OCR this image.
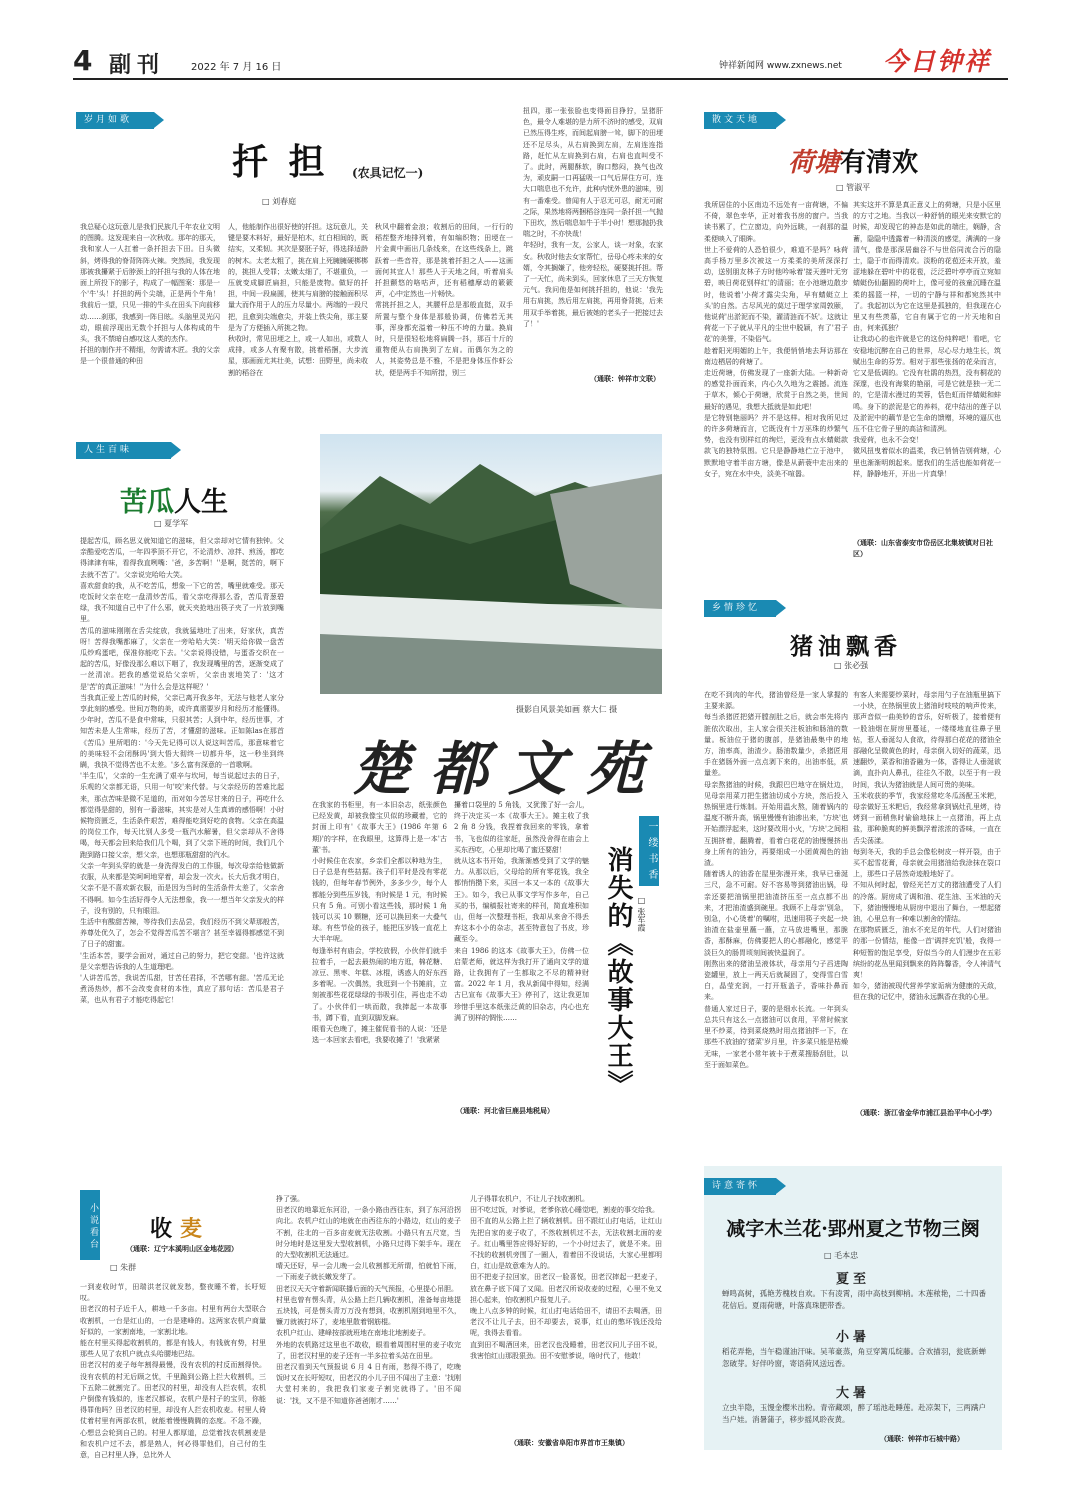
4 副刊	2022 年 7 月 16 日	钟祥新闻网 www.zxnews.net 今日钟祥
岁月如歌
扦 担 (农具记忆一)
□ 刘春庭
我总疑心这玩意儿是我们民族几千年农业文明的图腾。这发现来自一次秋收。那年的那天，我和家人一人扛着一条扦担去下田。日头微斜，烤得我的脊背阵阵火辣。突然间，我发现那被我攥紧于后脖颈上的扦担与我的人体在地面上所投下的影子，构成了一幅图案：那是一个'牛'头！扦担的两个尖端，正是两个牛角！我前后一望，只见一排的牛头在田头下向前移动……刹那，我感到一阵目眩。头脑里灵光闪动，眼前浮现出无数个扦担与人体构成的牛头，我不禁暗自感叹这人类的杰作。
扦担的制作并不精细，勿需请木匠。我的父亲是一个很普通的种田
人，他能制作出很好使的扦担。这玩意儿，关键是要木料好，最好是柏木，红白相间的，既结实，又柔韧。其次是要胚子好，得选择适龄的树木。太老太粗了，挑在肩上死臃臃硬梆梆的，挑担人受罪；太嫩太细了，不堪重负，一压就变成脚匠扁担，只能是废物。做好的扦担，中间一段扁圆，使其与肩膀的接触面积尽量大而作用于人的压力尽量小。两端的一段尺把，且愈到尖端愈尖，并装上铁尖角，那主要是为了方便插入所挑之物。
秋收时，常见田埂之上，或一人如出，或数人成排，或多人有聚有散，挑着稻捆，大步流星，那画面尤其壮美，试想：田野里，尚未收割的稻谷在
秋风中翻着金浪；收割后的田间，一行行的稻茬整齐地排列着，有如编织物；田埂在一片金黄中画出几条线来，在这些线条上，跳跃着一些音符，那是挑着扦担之人——这画面何其宜人！那些人于天地之间，听着肩头扦担颤悠的咯咕声，还有稻穗摩动的簌簌声，心中定然也一片畅快。
常挑扦担之人，其腰杆总是那般直挺，双手所置与整个身体是那般协调，仿佛若无其事，浑身都充溢着一种压不垮的力量。换肩时，只是很轻松地将扁腾一抖，那百十斤的重物便从右肩换到了左肩。而偶尔为之的人，其姿势总是不雅，不是把身体压作虾公状，便是两手不知所措，别三
扭四，那一张张脸也变得面目狰狞，呈猪肝色，最令人难堪的是力所不济时的感受，双肩已然压得生疼，而间起肩膀一耸，脚下的田埂还不足尽头，从右肩换到左肩，左肩连连指路，赶忙从左肩换到右肩，右肩也直叫受不了。此时，两腿酥软，胸口憋闷，换气也改为，顽皮嗣一口再猛吸一口气后屏住方可，连大口喘息也不允许，此种内忧外患的滋味，别有一番难受。曾闻有人于忍无可忍，耐无可耐之际，果然地将两捆稻谷连同一条扦担一气抛下田坎，然后喘息如牛于半小时！想那抛扔我喘之时，不亦快哉！
年轻时，我有一友，公家人，谈一对象，农家女。秋收时他去女家帮忙，岳母心疼未来的女婿，令其搁嫌了，他旁轻松，硬要挑扦担。帮了一天忙，尚未到头，回家休息了三天方恢复元气。我问他是如何挑扦担的，他说：'我先用右肩挑，然后用左肩挑，再用脊背挑，后来用双手举着挑，最后被她的老头子一把接过去了！'
（通联：钟祥市文联）
人生百味
苦瓜人生
□ 夏学军
提起苦瓜，顾名思义就知道它的滋味，但父亲却对它情有独钟。父亲酷爱吃苦瓜，一年四季顶不开它，不论清炒、凉拌、煎汤，都吃得津津有味，看得我直咧嘴：'爸，多苦啊！''是啊，挺苦的，啊下去就不苦了'。父亲说完哈哈大笑。
喜欢甜食的我，从不吃苦瓜，想象一下它的苦，嘴里就难受。那天吃饭时父亲在吃一盘清炒苦瓜，看父亲吃得那么香，苦瓜青葱碧绿，我不知道自己中了什么邪，就天夹抢地出筷子夹了一片放到嘴里。
苦瓜的滋味刚刚在舌尖绽放，我就猛地吐了出来，好家伙，真苦呀！苦得我嘴都麻了，父亲在一旁哈哈大笑：'明天给你做一盘苦瓜炒鸡蛋吧，保准你能吃下去。'父亲说得没错，与蛋香交织在一起的苦瓜，好像没那么难以下咽了，我发现嘴里的苦，逐渐变成了一丝清凉。把我的感觉说给父亲听，父亲由衷地笑了：'这才是'苦'的真正滋味！''为什么会是这样呢？'
当我真正爱上苦瓜的时候，父亲已离开我多年，无法与他老人家分享此刻的感受。世间万物的美，或许真需要岁月和经历才能懂得。少年时，苦瓜不是食中常味，只很其苦；人到中年，经历世事，才知苦未是人生常味，经历了苦，才懂甜的滋味。正如陈las在那首《苦瓜》里所唱的：'今天先记得可以人说这叫苦瓜，那意味着它的美味轻不会闭酥吗'到大悟大彻终一切都升华，这一秒坐到终瞒，我执不觉得苦也不太差。'多么富有深意的一首歌啊。
'半生瓜'，父亲的一生充满了艰辛与坎坷，每当说起过去的日子，乐观的父亲都无语，只用一句'咬'来代替。与父亲经历的苦难比起来，那点苦味是微不足道的，而对如今苦尽甘来的日子，再吃什么都觉得是甜的，别有一番滋味，其实是对人生真谛的感悟啊！小时候物资匮乏，生活条件艰苦，难得能吃到好吃的食物。父亲在高温的岗位工作，每天比别人多受一瓶汽水解暑，但父亲却从不舍得喝，每天都会回来给我们几个喝，到了父亲下班的时间，我们几个跑到路口接父亲，想父亲，也想那瓶甜甜的汽水。
父亲一年到头穿的就是一身洗得发白的工作服，每次母亲给他做新衣服，从来都是笑呵呵地穿着，却会发一次火。长大后我才明白，父亲不是不喜欢新衣服，而是因为当时的生活条件太差了，父亲舍不得啊。如今生活好得令人无法想象，我一一想当年父亲发火的样子，没有别的，只有眼泪。
生活中有酸甜苦辣，等待我们去品尝，我们经历不到父辈那般苦，养尊处优久了，怎会不觉得苦瓜苦不堪言？甚至幸福得都感觉不到了日子的甜蜜。
'生活本苦，要学会面对，通过自己的努力，把它变甜。'也许这就是父亲想告诉我的人生道理吧。
'人讲苦瓜苦，我说苦瓜甜，甘苦任君择，不苦哪有甜。'苦瓜无论煮汤热炒，都不会改变食材的本性，真应了那句话：苦瓜是君子菜，也从有君子才能吃得起它！
（通联：辽宁本溪明山区金地花园）
摄影自风景美如画 蔡大仁 摄
楚都文苑
在我家的书柜里，有一本旧杂志，纸张颜色已经发黄，却被我像宝贝似的珍藏着，它的封面上印有'《故事大王》(1986 年第 6 期)'的字样，在我眼里，这算得上是一本'古董'书。
小时候住在农家，乡亲们全都以种地为生，日子总是有些拮据。孩子们平时是没有零花钱的，但每年春节例外，多多少少，每个人都能分到些压岁钱，有时候是 1 元，有时候只有 5 角。可别小看这些钱，那时候 1 角钱可以买 10 颗糖，还可以换回来一大叠气球。有些节俭的孩子，能把压岁钱一直花上大半年呢。
每逢举村有庙会，学校放假，小伙伴们就手拉着手，一起去最热闹的地方逛，棉花糖、凉豆、黑枣、年糕、冰棍，诱惑人的好东西多着呢。一次偶然，我逛到一个书摊前，立刻被那些花花绿绿的书吸引住，再也走不动了。小伙伴们一哄而散，我捧起一本故事书，蹲下看，直到双脚发麻。
眼看天色晚了，摊主催促看书的人说：'还是选一本回家去看吧，我要收摊了！'我紧紧
攥着口袋里的 5 角钱，又犹豫了好一会儿，终于决定买一本《故事大王》。摊主收了我 2 角 8 分钱，我捏着我回来的零钱，拿着书，飞也似的往家赶，虽然没舍得在庙会上买东西吃，心里却比喝了蜜还要甜！
就从这本书开始，我渐渐感受到了文学的魅力。从那以后，父母给的所有零花钱，我全都悄悄攒下来，买回一本又一本的《故事大王》。如今，我已从事文学写作多年，自己买的书，编稿报社寄来的样刊，简直堆积如山，但每一次整理书柜，我却从来舍不得丢弃这本小小的杂志，甚至特意包了书皮，珍藏至今。
来自 1986 的这本《故事大王》，仿佛一位启蒙老师，就这样为我打开了通向文学的道路，让我拥有了一生都取之不尽的精神财富。2022 年 1 月，我从新闻中得知，经满古巳宣布《故事大王》停刊了，这让我更加珍惜手里这本纸张泛黄的旧杂志，内心也充满了别样的惆怅……
（通联：河北省巨鹿县地税局）
一缕书香
消失的《故事大王》 □ 张军霞
散文天地
荷塘有清欢
□ 管淑平
我所居住的小区南边不远处有一亩荷塘，不偏不倚，翠色幸华，正对着我书房的窗户。当我读书累了，伫立窗边，向外远眺，一刹那的温柔便映入了眼眸。
世上不爱荷的人恐怕很少，难道不是吗？咏荷高手杨万里多次被这一方柔柔的美所深深打动，送别朋友林子方时他吟咏着'接天莲叶无穷碧，映日荷花别样红'的清丽；在小池塘边散步时，他说着'小荷才露尖尖角，早有蜻蜓立上头'的自然。古尽风光的莫过于理学家周敦颐，他说荷'出淤泥而不染，濯清涟而不妖'。这就让荷花一下子就从平凡的尘世中脱颖，有了'君子花'的美誉，不染俗气。
趁着阳光明媚的上午，我便悄悄地去拜访那在南边栖居的荷塘了。
走近荷塘，仿佛发现了一座新大陆。一种新奇的感觉扑面而来，内心久久地为之震撼。流连于草木，倾心于荷塘，欣赏于自然之美，世间最好的遇见，我想大抵就是如此吧！
是它特别艳丽吗？并不是这样。相对我所见过的许多荷塘而言，它既没有十万巫珠的炒繁气势，也没有别样红的绚烂，更没有点水蜻蜓款款飞的独特氛围。它只是静静地伫立于池中，默默地守着半亩方塘，像是从薪蓑中走出来的女子，宛在水中央，淡美不喧嚣。
其实这并不算是真正意义上的荷塘，只是小区里的方寸之地。当我以一种舒悄的眼光来安默它的时候，却发现它的神态是如此的端庄，娴静，含蓄，隐隐中透露着一种清淡的感觉，满满的一身清气，像是那深居幽谷不与世俗同流合污的隐士，隐于市而得清欢。淡粉的花苞还未开放，羞涩地躲在碧叶中的花苞，泛泛碧叶亭亭而立宛如蜻蜓伤仙翻圆的荷叶上，像可爱的孩童沉睡在温柔的摇篮一样，一切的宁静与祥和都宛然其中了。我起初以为它在这里是孤独的，但我现在心里又有些羡慕，它自有属于它的一片天地和自由，何来孤独？
让我动心的也许就是它的这份纯粹吧！看吧，它安稳地沉醉在自己的世界，尽心尽力地生长，筑赋出生命的芬芳。相对于那些张扬的花朵而言，它又是低调的。它没有杜鹃的热烈，没有桐花的深邃，也没有海棠的艳丽，可是它就是独一无二的，它是清水漫过的芙蓉，恬色虹而伴蜻蜓和蚌鸣。身下的淤泥是它的养料，花中结出的莲子以及淤泥中的藕节是它生命的馈赠，环境的逼仄也压不住它骨子里的高洁和清冽。
我爱荷，也永不会变！
微风扭曳着似水的温柔，我已悄悄告别荷塘，心里也渐渐明朗起来。愿我们的生活也能如荷花一样，静静地开，开出一片真挚！
（通联：山东省泰安市岱岳区北集坡镇对日社区）
乡情珍忆
猪油飘香
□ 张必强
在吃不到肉的年代，猪油曾经是一家人掌握的主要来源。
每当杀猪匠把猪开膛剖肚之后，就会率先将内脏依次取出，主人家会很关注板油和肠油的数量。板油位于猪的腹部，是猪油最集中的地方，油率高，油渣少。肠油数量少，杀猪匠用手在猪肠外面一点点剥下来的，出油率低，质量差。
母亲熬猪油的时候，我跟巴巴地守在锅灶边，见母亲用菜刀把生猪油切成小方块，然后投入热锅里进行炼制。开始用温火熬，随着锅内的温度不断升高，锅里慢慢有油渗出来，'方块'也开始漂浮起来，这时要改用小火，'方块'之间相互拥挤着，翻腾着，看着白花花的油慢慢挤出身上所有的油分，再要细成一小团黄褐色的油渣。
随着诱人的油香在屋里弥漫开来，我早已垂涎三尺，急不可耐。好不容易等到猪油出锅，母亲还要把油锅里把油渣挤压至一点点都不出来，才把油渣盛到碗里。我顾不上母亲'别急，别急，小心烫着'的嘱咐，迅速用筷子夹起一块油渣在盐壶里蘸一蘸，立马放进嘴里，那脆香，那酥麻，仿佛要把人的心都融化，感觉平淡巨久的肠胃顷刻间被快温润了。
刚熬出来的猪油呈液体状，母亲用勺子舀进陶瓷罐里，放上一两天后就凝固了，变得雪白雪白，晶莹充润，一打开瓶盖子，香味扑鼻而来。
普通人家过日子，要的是细水长流。一年到头总共只有这么一点猪油可以食用，平常时候家里不炒菜，待到菜烧熟时用点猪油拌一下，在那些不放油的'猪菜'岁月里，许多菜只能是枯燥无味，一家老小常年被卡于煮菜搜肠刮肚，以至于面如菜色。
有客人来需要炒菜时，母亲用勺子在油瓶里搞下一小块，在热锅里放上猪油时吱吱的响声传来，那声音似一曲美妙的音乐，好听极了，接着便有一股油烟在厨房里蔓延，一缕缕地直往鼻子里钻，惹人垂涎勾人食欲，待得那白花花的猪油全部融化呈微黄色的时，母亲倒入切好的蔬菜，迅速翻炒，菜香和油香融为一体，香得让人垂涎欲滴，直扑向人鼻孔，往往久不散，以至于有一段时间，我认为猪油就是人间可贵的美味。
玉米收获的季节，我家经常吃冬瓜汤配玉米粑，母亲做好玉米粑后，我经常拿到锅灶孔里烤，待烤到一面稍焦时偷偷地抹上一点猪油，再上点盐，那种脆爽的鲜美飘浮着浓浓的香味，一直在舌尖荡漾。
每到冬天，我的手总会像松树皮一样开裂，由于买不起雪花膏，母亲就会用猪油给我涂抹在裂口上，那些口子居然奇迹般地好了。
不知从何时起，曾经光芒万丈的猪油遭受了人们的冷落。厨房成了调和油、花生油、玉米油的天下，猪油慢慢地从厨房中退出了舞台，一想起猪油，心里总有一种难以割舍的情结。
在那物质匮乏，油水不充足的年代，人们对猪油的那一份情结，能像一首'调拌充饥'般，我得一种短暂的饱足享受，好似当今的人们漫步在五彩缤纷的花丛里闻到飘来的阵阵馨香，令人神清气爽！
如今，猪油被现代营养学家诟病为健康的天敌，但在我的记忆中，猪油永远飘香在我的心里。
（通联：浙江省金华市浦江县治平中心小学）
小说看台 收麦
□ 朱群
一到麦收时节，田瑞洪老汉就发愁，整夜睡不着，长吁短叹。
田老汉的村子近千人，耕地一千多亩。村里有两台大型联合收割机，一台是红山的，一台是建峰的。这两家农机户商量好似的，一家割南地，一家割北地。
能在村里买得起收割机的，都是有钱人，有钱就有势，村里那些人见了农机户就点头哈腰地巴结。
田老汉村的麦子每年割得最慢，没有农机的村反而割得快。没有农机的村无后顾之忧，千里跪到公路上拦大收割机，三下五除二就割完了。田老汉的村里，却没有人拦农机，农机户倒像有钱似的，连老汉都说，农机户是村子的宝贝，你能得罪他吗？田老汉的村里，却没有人拦农机收麦。村里人倚仗着村里有两部农机，就能着慢慢腾腾的态度。不急不躁，心想总会轮到自己的。村里人都厚道，总觉着找农机割麦是和农机户过不去，都是熟人，何必得罪他们，自己付的生意，自己村里人挣，总比外人
挣了强。
田老汉的地靠近东河沿，一条小路由西往东，到了东河沿拐向北。农机户红山的地就在由西往东的小路边，红山的麦子不割，往北的一百多亩麦就无法收割。小路只有五尺宽，当时分地时是这里发大型收割机，小路只过得下架手车。现在的大型收割机无法通过。
晴天还好，早一会儿晚一会儿收割都无所谓，怕就怕下雨，一下雨麦子就长嫩发芽了。
田老汉天天守着新闻联播后面的天气预报，心里提心吊胆。
村里也曾有愣头青，从公路上拦几辆收割机，准备每亩地提五块钱，可是愣头青万万没有想到，收割机刚到地里不久，镰刀就被打坏了，麦地里散着钢筋棍。
农机户红山、建峰按部就班地在南地北地割麦子。
外地的农机路过这里也不敢收，眼看着周围村里的麦子收完了，田老汉村里的麦子还有一半多拉着头站在田里。
田老汉看到天气预报说 6 月 4 日有雨，愁得不得了，吃晚饭时又在长吁短叹，田老汉的小儿子田不闻出了主意：'找刚大堂村来的，我把我们家麦子割完就得了。'田不闻说：'找，又不是不知道你爸爸刚才……'
儿子得罪农机户，不让儿子找收割机。
田不吃过饭，对爹说，老爹你放心睡觉吧，割麦的事交给我。
田不直的从公路上拦了辆收割机。田不跟红山打电话，让红山先把自家的麦子收了，不然收割机过不去，无法收割北面的麦子。红山嘴里答应得好好的，一个小时过去了，就是不来。田不找的收割机旁围了一圈人，看着田不没说话，大家心里都明白，红山是故意难为人的。
田不把麦子拉回家，田老汉一脸喜悦，田老汉摔起一把麦子，放在鼻子底下闻了又闻。田老汉所说收麦的过程，心里不免又担心起来，怕收割机户报复儿子。
晚上八点多钟的时候，红山打电话给田不，请田不去喝酒，田老汉不让儿子去，田不却要去，说事，红山的憋坏钱还没给呢，我得去看看。
直到田不喝酒回来，田老汉也没睡着，田老汉问儿子田不说，我害怕红山那股狠劲。田不安慰爹说，啥时代了，他敢！
（通联：安徽省阜阳市界首市王集镇）
诗意寄怀
减字木兰花·郢州夏之节物三阕
□ 毛本忠
夏至
蝉鸣高树，孤艳芳槐枝自欢。下有凌霄，雨中高枝到柳梢。木莲秾艳，二十四番花信后。夏雨荷塘，叶落真珠肥带香。
小暑
稻花弄艳，当午稳谨油汗味。吴苇豪蒸，角豆穿篱瓜绽藤。合欢描羽，瓮底新蝉忽破芽。好伴吟窗，寄语荷风送远香。
大暑
立虫半隐，玉馒金樱米出粉。青帝藏颂，醉了瑶池赴睡莲。赴凉架下，三两蹒户当户娃。消暑蒲子，移步摇风聆夜黄。
（通联：钟祥市石城中路）
